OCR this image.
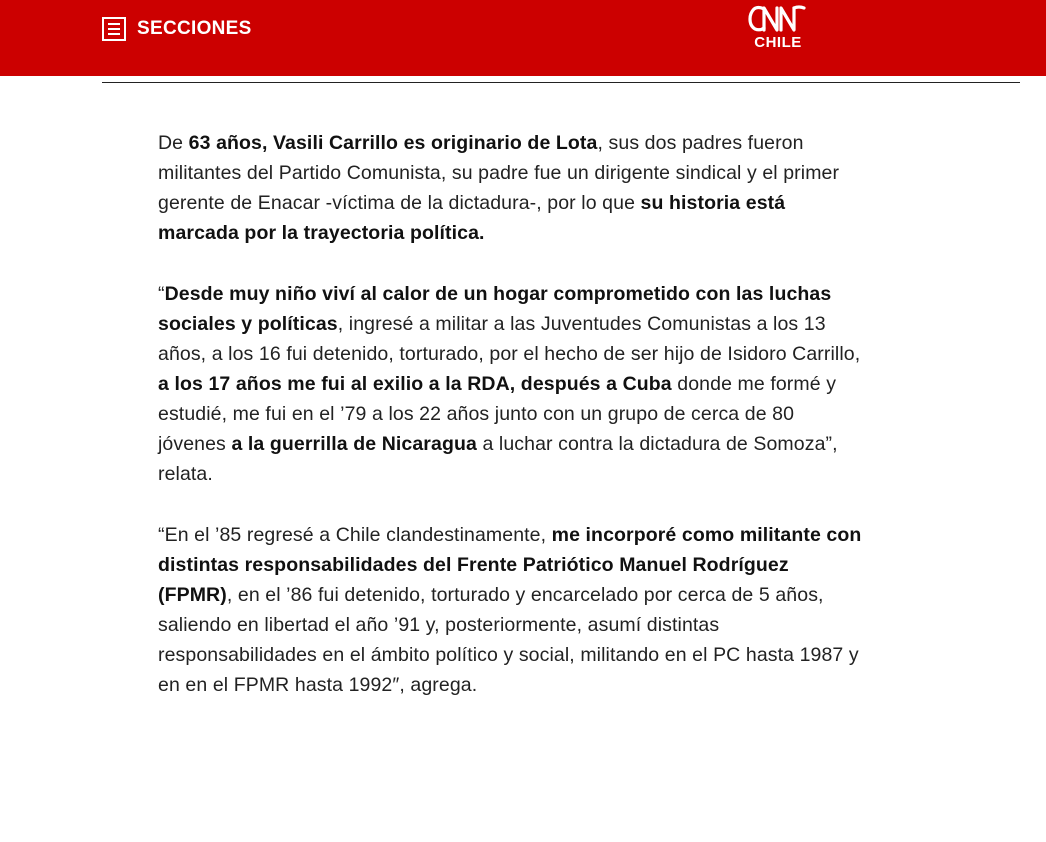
SECCIONES
CNN
CHILE

De 63 años, Vasili Carrillo es originario de Lota, sus dos padres fueron militantes del Partido Comunista, su padre fue un dirigente sindical y el primer gerente de Enacar -víctima de la dictadura-, por lo que su historia está marcada por la trayectoria política.

“Desde muy niño viví al calor de un hogar comprometido con las luchas sociales y políticas, ingresé a militar a las Juventudes Comunistas a los 13 años, a los 16 fui detenido, torturado, por el hecho de ser hijo de Isidoro Carrillo, a los 17 años me fui al exilio a la RDA, después a Cuba donde me formé y estudié, me fui en el ’79 a los 22 años junto con un grupo de cerca de 80 jóvenes a la guerrilla de Nicaragua a luchar contra la dictadura de Somoza”, relata.

“En el ’85 regresé a Chile clandestinamente, me incorporé como militante con distintas responsabilidades del Frente Patriótico Manuel Rodríguez (FPMR), en el ’86 fui detenido, torturado y encarcelado por cerca de 5 años, saliendo en libertad el año ’91 y, posteriormente, asumí distintas responsabilidades en el ámbito político y social, militando en el PC hasta 1987 y en en el FPMR hasta 1992″, agrega.
